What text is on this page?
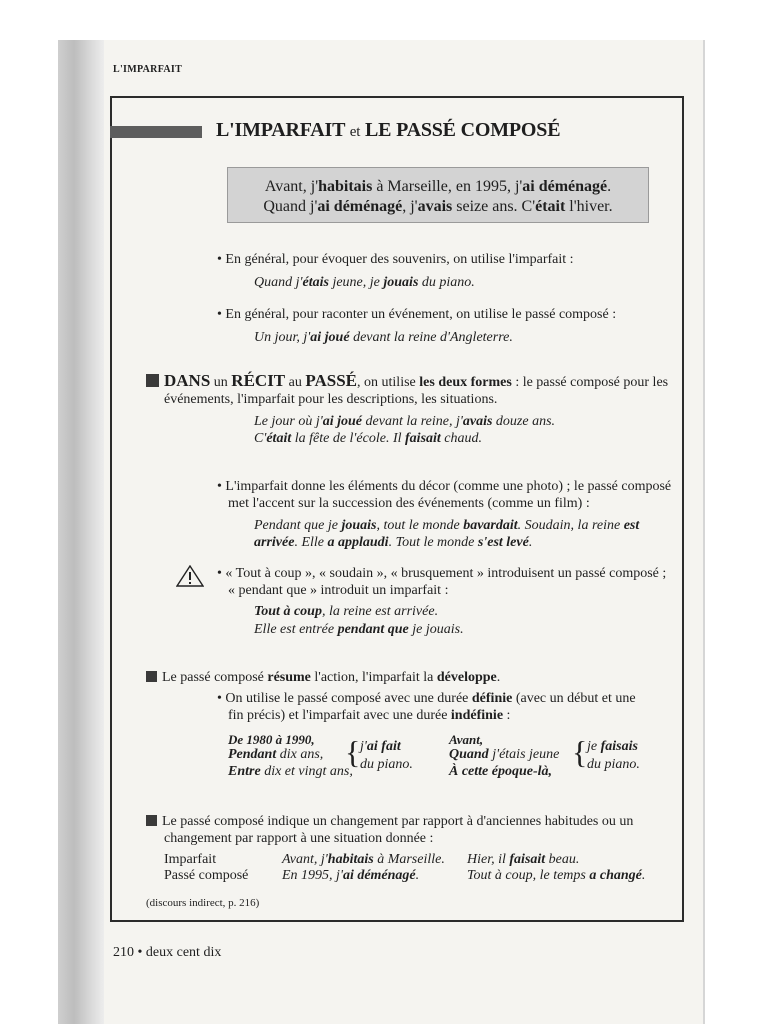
L'IMPARFAIT
L'IMPARFAIT et LE PASSÉ COMPOSÉ
Avant, j'habitais à Marseille, en 1995, j'ai déménagé.
Quand j'ai déménagé, j'avais seize ans. C'était l'hiver.
• En général, pour évoquer des souvenirs, on utilise l'imparfait :
Quand j'étais jeune, je jouais du piano.
• En général, pour raconter un événement, on utilise le passé composé :
Un jour, j'ai joué devant la reine d'Angleterre.
DANS un RÉCIT au PASSÉ, on utilise les deux formes : le passé composé pour les
événements, l'imparfait pour les descriptions, les situations.
Le jour où j'ai joué devant la reine, j'avais douze ans.
C'était la fête de l'école. Il faisait chaud.
• L'imparfait donne les éléments du décor (comme une photo) ; le passé composé
met l'accent sur la succession des événements (comme un film) :
Pendant que je jouais, tout le monde bavardait. Soudain, la reine est
arrivée. Elle a applaudi. Tout le monde s'est levé.
• « Tout à coup », « soudain », « brusquement » introduisent un passé composé ;
« pendant que » introduit un imparfait :
Tout à coup, la reine est arrivée.
Elle est entrée pendant que je jouais.
Le passé composé résume l'action, l'imparfait la développe.
• On utilise le passé composé avec une durée définie (avec un début et une
fin précis) et l'imparfait avec une durée indéfinie :
De 1980 à 1990,
Pendant dix ans,
Entre dix et vingt ans,
{ j'ai fait
du piano.
Avant,
Quand j'étais jeune
À cette époque-là,
{ je faisais
du piano.
Le passé composé indique un changement par rapport à d'anciennes habitudes ou un
changement par rapport à une situation donnée :
Imparfait	Avant, j'habitais à Marseille. Hier, il faisait beau.
Passé composé En 1995, j'ai déménagé.	Tout à coup, le temps a changé.
(discours indirect, p. 216)
210 • deux cent dix
